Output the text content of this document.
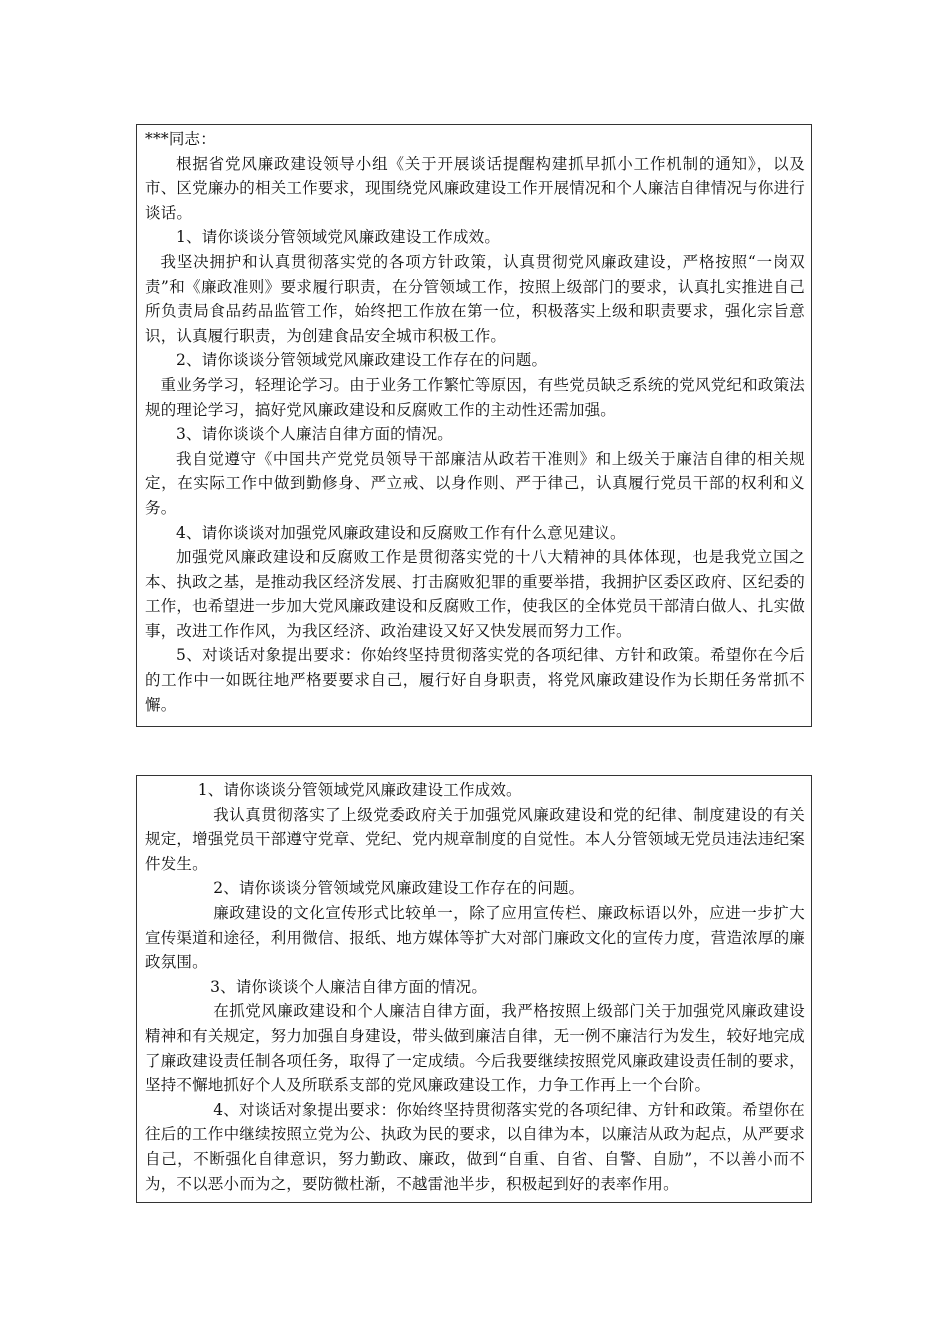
***同志：

根据省党风廉政建设领导小组《关于开展谈话提醒构建抓早抓小工作机制的通知》，以及市、区党廉办的相关工作要求，现围绕党风廉政建设工作开展情况和个人廉洁自律情况与你进行谈话。

1、请你谈谈分管领域党风廉政建设工作成效。

我坚决拥护和认真贯彻落实党的各项方针政策，认真贯彻党风廉政建设，严格按照“一岗双责”和《廉政准则》要求履行职责，在分管领域工作，按照上级部门的要求，认真扎实推进自己所负责局食品药品监管工作，始终把工作放在第一位，积极落实上级和职责要求，强化宗旨意识，认真履行职责，为创建食品安全城市积极工作。

2、请你谈谈分管领域党风廉政建设工作存在的问题。

重业务学习，轻理论学习。由于业务工作繁忙等原因，有些党员缺乏系统的党风党纪和政策法规的理论学习，搞好党风廉政建设和反腐败工作的主动性还需加强。

3、请你谈谈个人廉洁自律方面的情况。

我自觉遵守《中国共产党党员领导干部廉洁从政若干准则》和上级关于廉洁自律的相关规定，在实际工作中做到勤修身、严立戒、以身作则、严于律己，认真履行党员干部的权利和义务。

4、请你谈谈对加强党风廉政建设和反腐败工作有什么意见建议。

加强党风廉政建设和反腐败工作是贯彻落实党的十八大精神的具体体现，也是我党立国之本、执政之基，是推动我区经济发展、打击腐败犯罪的重要举措，我拥护区委区政府、区纪委的工作，也希望进一步加大党风廉政建设和反腐败工作，使我区的全体党员干部清白做人、扎实做事，改进工作作风，为我区经济、政治建设又好又快发展而努力工作。

5、对谈话对象提出要求：你始终坚持贯彻落实党的各项纪律、方针和政策。希望你在今后的工作中一如既往地严格要要求自己，履行好自身职责，将党风廉政建设作为长期任务常抓不懈。

1、请你谈谈分管领域党风廉政建设工作成效。

我认真贯彻落实了上级党委政府关于加强党风廉政建设和党的纪律、制度建设的有关规定，增强党员干部遵守党章、党纪、党内规章制度的自觉性。本人分管领域无党员违法违纪案件发生。

2、请你谈谈分管领域党风廉政建设工作存在的问题。

廉政建设的文化宣传形式比较单一，除了应用宣传栏、廉政标语以外，应进一步扩大宣传渠道和途径，利用微信、报纸、地方媒体等扩大对部门廉政文化的宣传力度，营造浓厚的廉政氛围。

3、请你谈谈个人廉洁自律方面的情况。

在抓党风廉政建设和个人廉洁自律方面，我严格按照上级部门关于加强党风廉政建设精神和有关规定，努力加强自身建设，带头做到廉洁自律，无一例不廉洁行为发生，较好地完成了廉政建设责任制各项任务，取得了一定成绩。今后我要继续按照党风廉政建设责任制的要求，坚持不懈地抓好个人及所联系支部的党风廉政建设工作，力争工作再上一个台阶。

4、对谈话对象提出要求：你始终坚持贯彻落实党的各项纪律、方针和政策。希望你在往后的工作中继续按照立党为公、执政为民的要求，以自律为本，以廉洁从政为起点，从严要求自己，不断强化自律意识，努力勤政、廉政，做到“自重、自省、自警、自励”，不以善小而不为，不以恶小而为之，要防微杜渐，不越雷池半步，积极起到好的表率作用。
